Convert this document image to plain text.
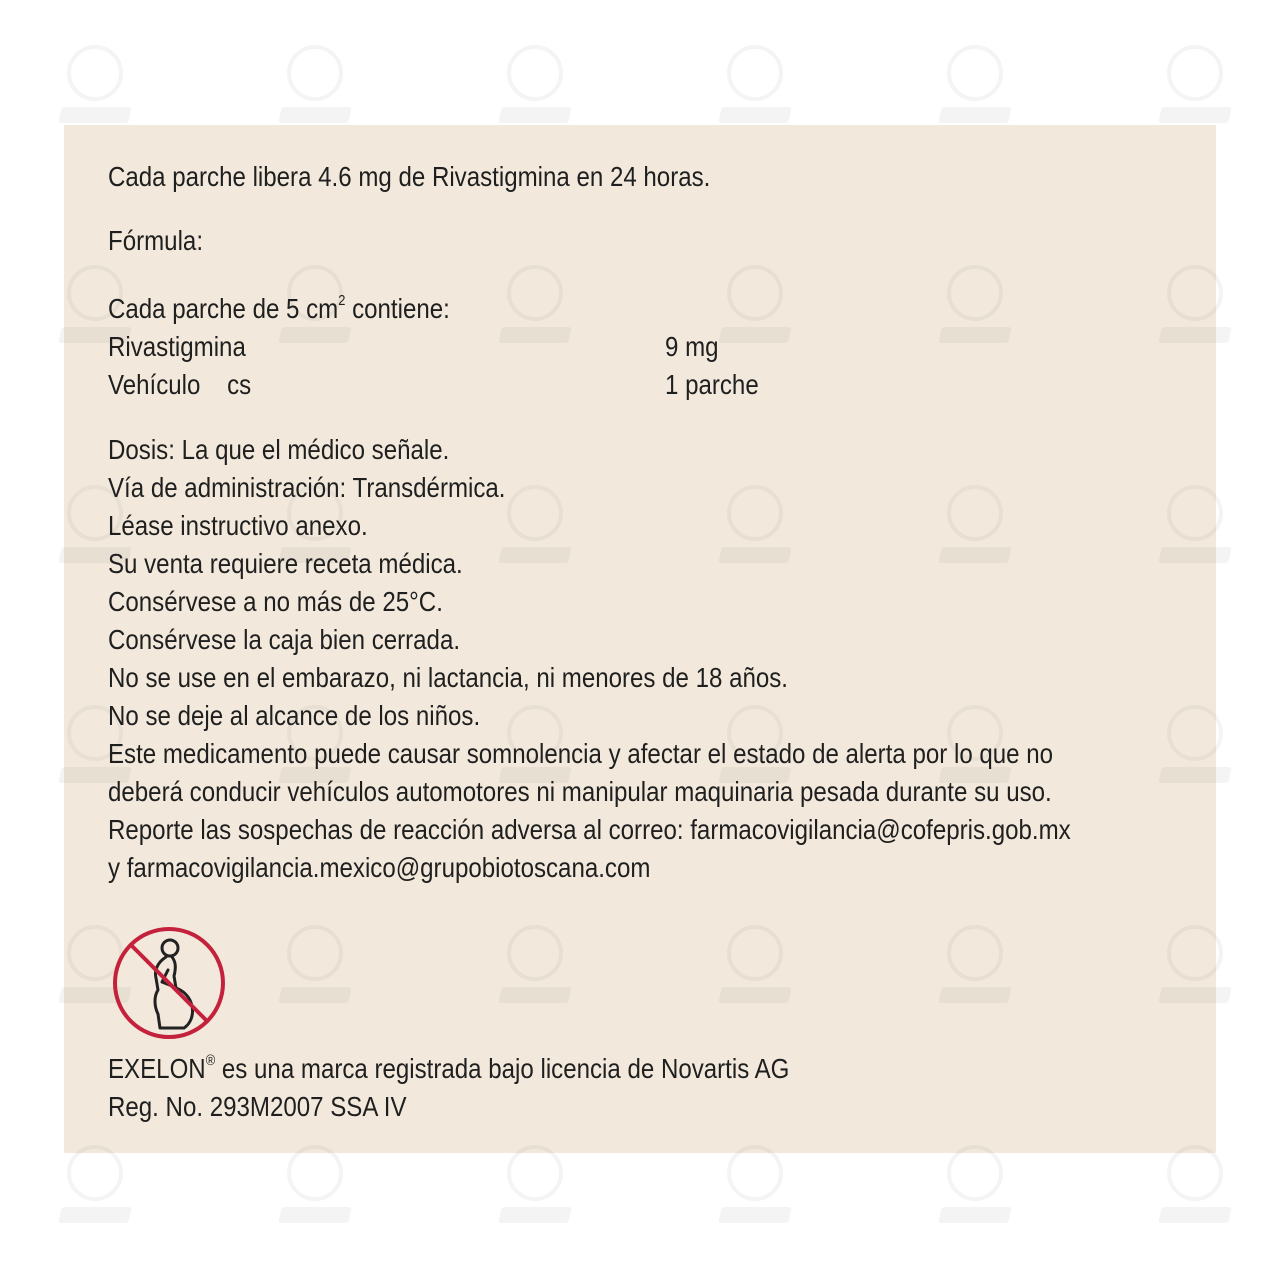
Cada parche libera 4.6 mg de Rivastigmina en 24 horas.
Fórmula:
Cada parche de 5 $cm^2$ contiene:
Rivastigmina	9 mg
Vehículo    cs	1 parche
Dosis: La que el médico señale.
Vía de administración: Transdérmica.
Léase instructivo anexo.
Su venta requiere receta médica.
Consérvese a no más de 25°C.
Consérvese la caja bien cerrada.
No se use en el embarazo, ni lactancia, ni menores de 18 años.
No se deje al alcance de los niños.
Este medicamento puede causar somnolencia y afectar el estado de alerta por lo que no
deberá conducir vehículos automotores ni manipular maquinaria pesada durante su uso.
Reporte las sospechas de reacción adversa al correo: farmacovigilancia@cofepris.gob.mx
y farmacovigilancia.mexico@grupobiotoscana.com
EXELON® es una marca registrada bajo licencia de Novartis AG
Reg. No. 293M2007 SSA IV
